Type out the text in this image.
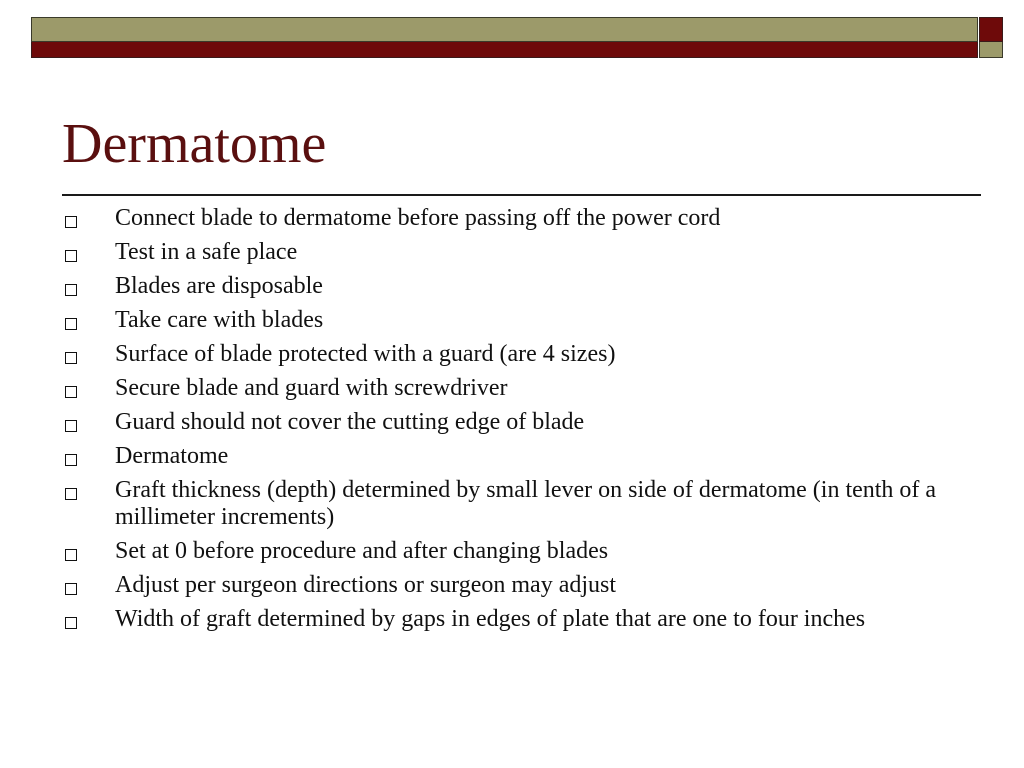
Dermatome
Connect blade to dermatome before passing off the power cord
Test in a safe place
Blades are disposable
Take care with blades
Surface of blade protected with a guard (are 4 sizes)
Secure blade and guard with screwdriver
Guard should not cover the cutting edge of blade
Dermatome
Graft thickness (depth) determined by small lever on side of dermatome (in tenth of a millimeter increments)
Set at 0 before procedure and after changing blades
Adjust per surgeon directions or surgeon may adjust
Width of graft determined by gaps in edges of plate that are one to four inches
